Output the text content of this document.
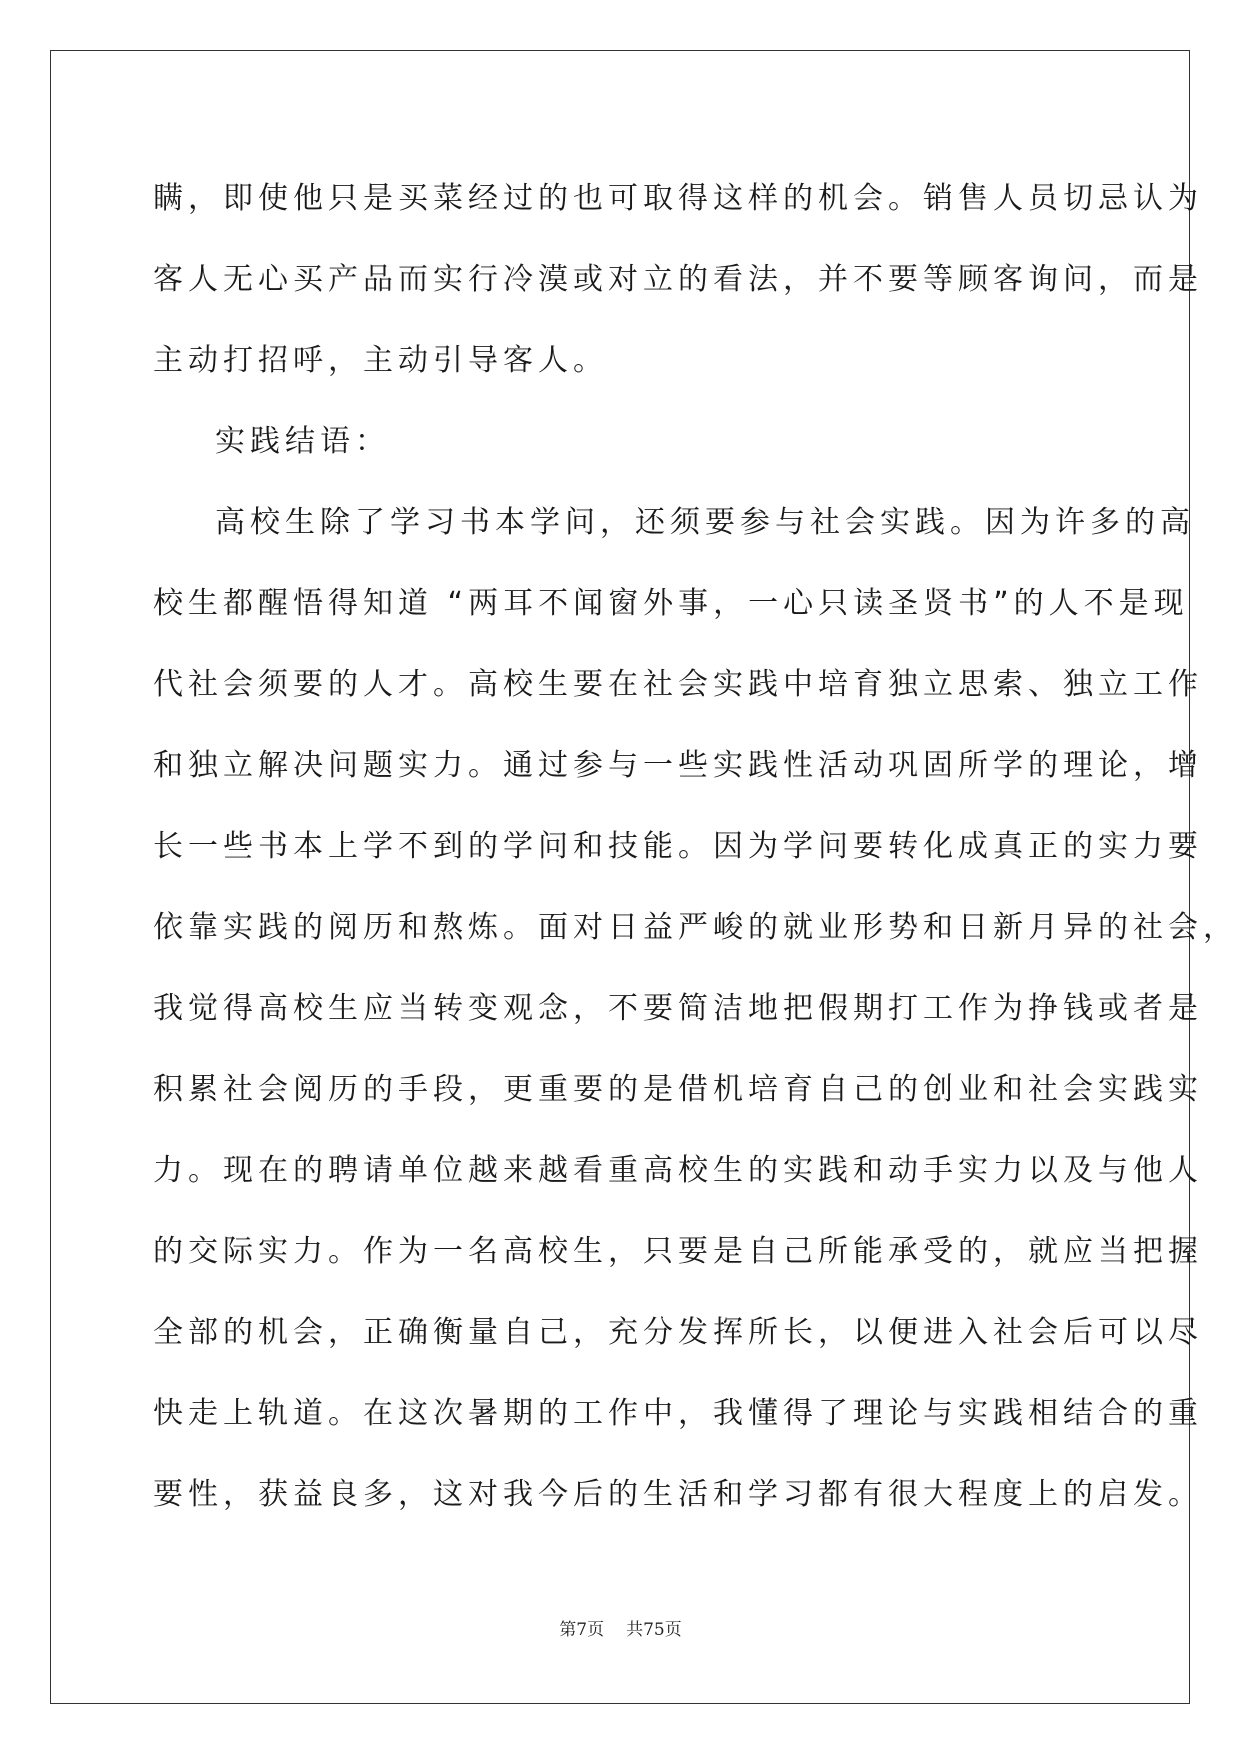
瞒，即使他只是买菜经过的也可取得这样的机会。销售人员切忌认为
客人无心买产品而实行冷漠或对立的看法，并不要等顾客询问，而是
主动打招呼，主动引导客人。
实践结语：
高校生除了学习书本学问，还须要参与社会实践。因为许多的高
校生都醒悟得知道 “两耳不闻窗外事，一心只读圣贤书”的人不是现
代社会须要的人才。高校生要在社会实践中培育独立思索、独立工作
和独立解决问题实力。通过参与一些实践性活动巩固所学的理论，增
长一些书本上学不到的学问和技能。因为学问要转化成真正的实力要
依靠实践的阅历和熬炼。面对日益严峻的就业形势和日新月异的社会，
我觉得高校生应当转变观念，不要简洁地把假期打工作为挣钱或者是
积累社会阅历的手段，更重要的是借机培育自己的创业和社会实践实
力。现在的聘请单位越来越看重高校生的实践和动手实力以及与他人
的交际实力。作为一名高校生，只要是自己所能承受的，就应当把握
全部的机会，正确衡量自己，充分发挥所长，以便进入社会后可以尽
快走上轨道。在这次暑期的工作中，我懂得了理论与实践相结合的重
要性，获益良多，这对我今后的生活和学习都有很大程度上的启发。
第7页 共75页
